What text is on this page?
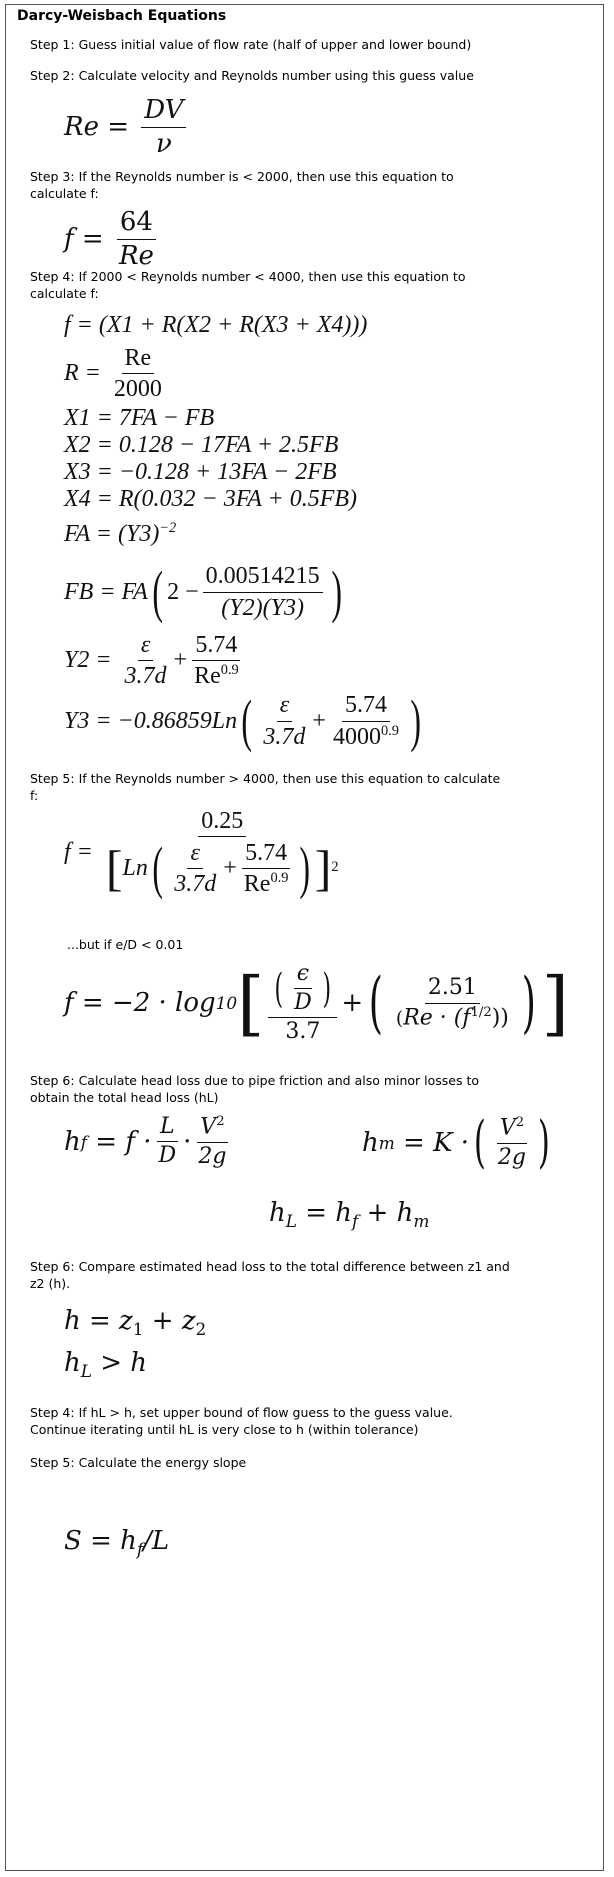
Darcy-Weisbach Equations
Step 1: Guess initial value of flow rate (half of upper and lower bound)
Step 2: Calculate velocity and Reynolds number using this guess value
$Re = \frac{DV}{\nu}$
Step 3: If the Reynolds number is < 2000, then use this equation to calculate f:
$f = \frac{64}{Re}$
Step 4: If 2000 < Reynolds number < 4000, then use this equation to calculate f:
f = (X1 + R(X2 + R(X3 + X4)))
R =
$\frac{Re}{2000}$
X1 = 7FA − FB
X2 = 0.128 − 17FA + 2.5FB
X3 = −0.128 + 13FA − 2FB
X4 = R(0.032 − 3FA + 0.5FB)
FA = $(Y3)^{-2}$
FB = FA ( $2 - \frac{0.00514215}{(Y2)(Y3)}$ )
Y2 =
$\frac{\varepsilon}{3.7d} + \frac{5.74}{Re^{0.9}}$
Y3 = −0.86859Ln ( $\frac{\varepsilon}{3.7d} + \frac{5.74}{4000^{0.9}}$ )
Step 5: If the Reynolds number > 4000, then use this equation to calculate f:
f =

0.25
[ Ln ( $\frac{\varepsilon}{3.7d} + \frac{5.74}{Re^{0.9}}$ ) ] 2
...but if e/D < 0.01
f = −2 · log 10 [ $\frac{( \frac{\epsilon}{D} )}{3.7}$ + ( $\frac{2.51}{(Re \cdot (f^{1/2}))}$ ) ]
Step 6: Calculate head loss due to pipe friction and also minor losses to obtain the total head loss (hL)
h f
= $f \cdot \frac{L}{D} \cdot \frac{V^2}{2g}$	h m
= K · ( $\frac{V^2}{2g}$ )
$h_L = h_f + h_m$
Step 6: Compare estimated head loss to the total difference between z1 and z2 (h).
$h = z_1 + z_2$
$h_L > h$
Step 4: If hL > h, set upper bound of flow guess to the guess value. Continue iterating until hL is very close to h (within tolerance)
Step 5: Calculate the energy slope
$S = h_f/L$
